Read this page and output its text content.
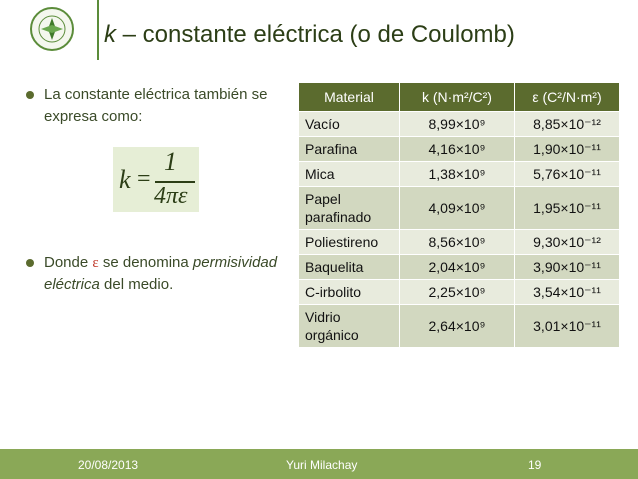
k – constante eléctrica (o de Coulomb)
La constante eléctrica también se expresa como:
Donde ε se denomina permisividad eléctrica del medio.
k =
1
4πε
Material	k (N·m²/C²)	ε (C²/N·m²)
Vacío	8,99×10⁹	8,85×10⁻¹²
Parafina	4,16×10⁹	1,90×10⁻¹¹
Mica	1,38×10⁹	5,76×10⁻¹¹
Papel parafinado	4,09×10⁹	1,95×10⁻¹¹
Poliestireno	8,56×10⁹	9,30×10⁻¹²
Baquelita	2,04×10⁹	3,90×10⁻¹¹
C-irbolito	2,25×10⁹	3,54×10⁻¹¹
Vidrio orgánico	2,64×10⁹	3,01×10⁻¹¹
20/08/2013	Yuri Milachay	19
